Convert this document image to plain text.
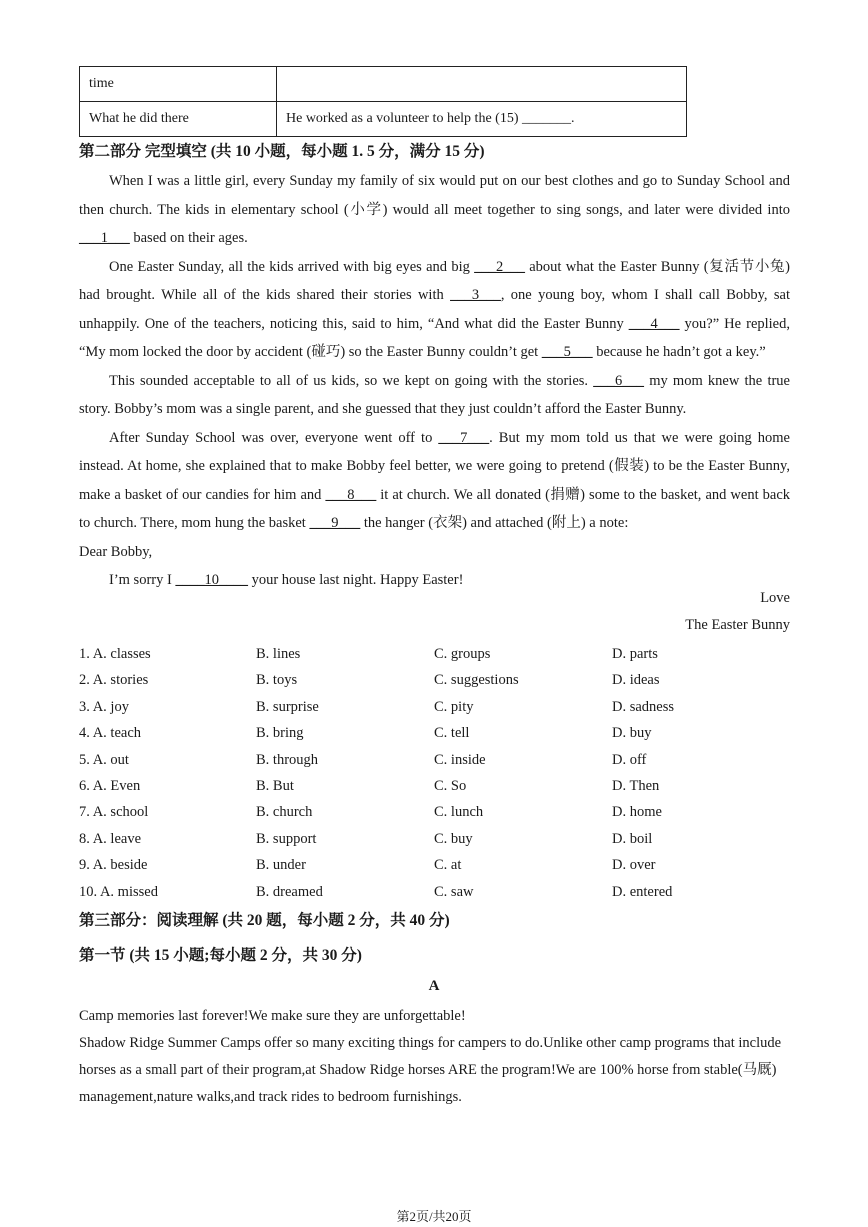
time	
What he did there	He worked as a volunteer to help the (15) _______.
第二部分 完型填空 (共 10 小题，每小题 1. 5 分，满分 15 分)

When I was a little girl, every Sunday my family of six would put on our best clothes and go to Sunday School and then church. The kids in elementary school (小学) would all meet together to sing songs, and later were divided into ___1___ based on their ages.

One Easter Sunday, all the kids arrived with big eyes and big ___2___ about what the Easter Bunny (复活节小兔) had brought. While all of the kids shared their stories with ___3___, one young boy, whom I shall call Bobby, sat unhappily. One of the teachers, noticing this, said to him, “And what did the Easter Bunny ___4___ you?” He replied, “My mom locked the door by accident (碰巧) so the Easter Bunny couldn’t get ___5___ because he hadn’t got a key.”

This sounded acceptable to all of us kids, so we kept on going with the stories. ___6___ my mom knew the true story. Bobby’s mom was a single parent, and she guessed that they just couldn’t afford the Easter Bunny.

After Sunday School was over, everyone went off to ___7___. But my mom told us that we were going home instead. At home, she explained that to make Bobby feel better, we were going to pretend (假装) to be the Easter Bunny, make a basket of our candies for him and ___8___ it at church. We all donated (捐赠) some to the basket, and went back to church. There, mom hung the basket ___9___ the hanger (衣架) and attached (附上) a note:

Dear Bobby,

I’m sorry I ____10____ your house last night. Happy Easter!

Love
The Easter Bunny
1. A. classes	B. lines	C. groups	D. parts
2. A. stories	B. toys	C. suggestions	D. ideas
3. A. joy	B. surprise	C. pity	D. sadness
4. A. teach	B. bring	C. tell	D. buy
5. A. out	B. through	C. inside	D. off
6. A. Even	B. But	C. So	D. Then
7. A. school	B. church	C. lunch	D. home
8. A. leave	B. support	C. buy	D. boil
9. A. beside	B. under	C. at	D. over
10. A. missed	B. dreamed	C. saw	D. entered
第三部分：阅读理解 (共 20 题，每小题 2 分，共 40 分)
第一节 (共 15 小题;每小题 2 分，共 30 分)
A

Camp memories last forever!We make sure they are unforgettable!

Shadow Ridge Summer Camps offer so many exciting things for campers to do.Unlike other camp programs that include horses as a small part of their program,at Shadow Ridge horses ARE the program!We are 100% horse from stable(马厩) management,nature walks,and track rides to bedroom furnishings.

第2页/共20页
